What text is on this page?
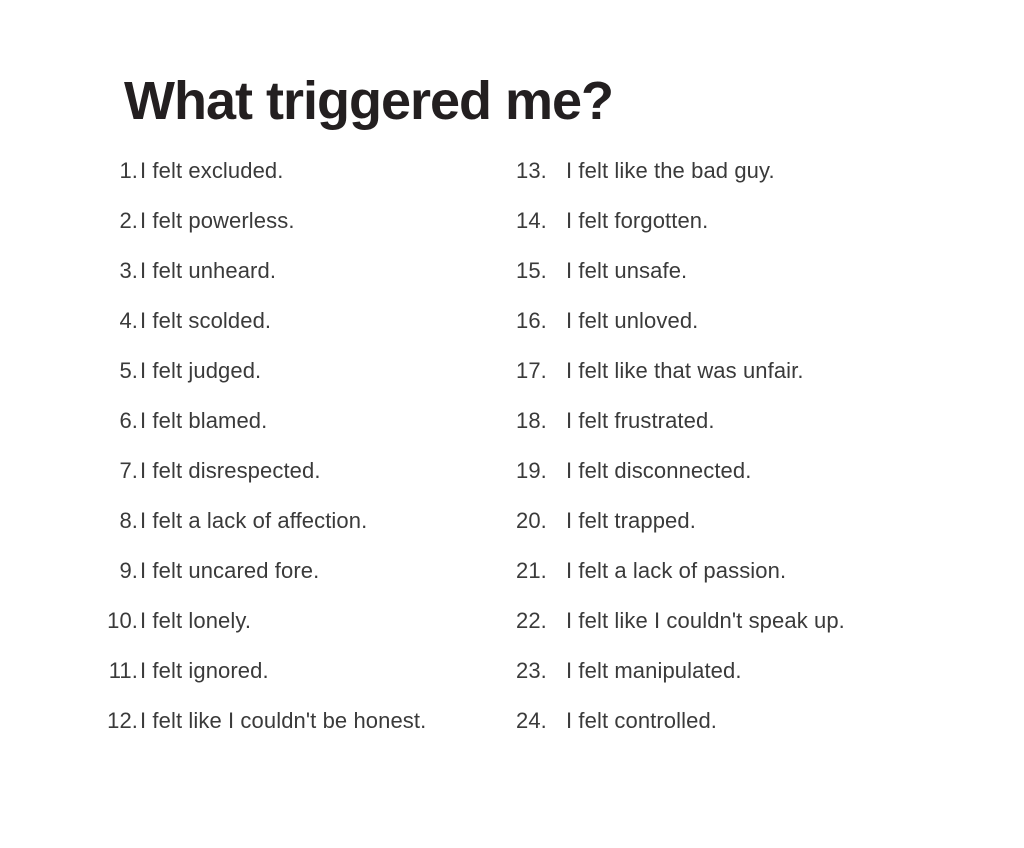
What triggered me?
1. I felt excluded.
2. I felt powerless.
3. I felt unheard.
4. I felt scolded.
5. I felt judged.
6. I felt blamed.
7. I felt disrespected.
8. I felt a lack of affection.
9. I felt uncared fore.
10. I felt lonely.
11. I felt ignored.
12. I felt like I couldn't be honest.
13. I felt like the bad guy.
14. I felt forgotten.
15. I felt unsafe.
16. I felt unloved.
17. I felt like that was unfair.
18. I felt frustrated.
19. I felt disconnected.
20. I felt trapped.
21. I felt a lack of passion.
22. I felt like I couldn't speak up.
23. I felt manipulated.
24. I felt controlled.
